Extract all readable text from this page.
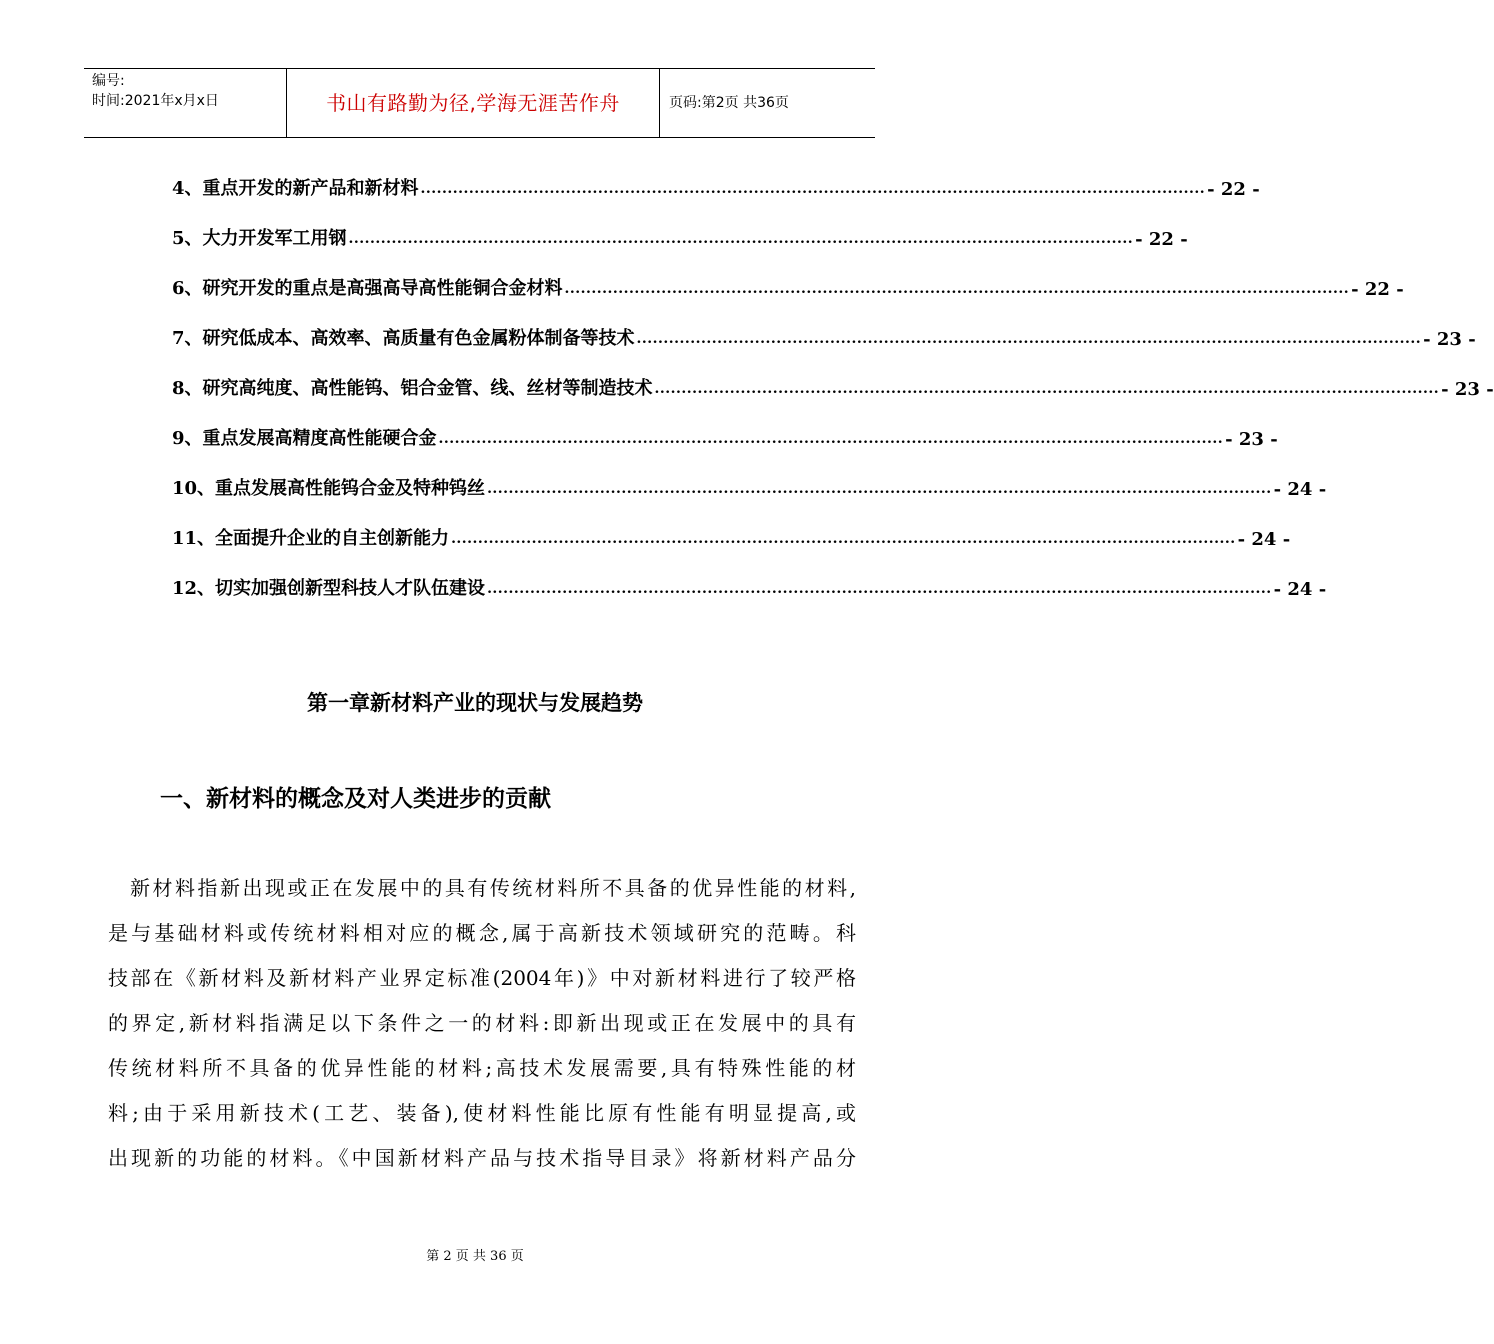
编号:
时间:2021年x月x日	书山有路勤为径,学海无涯苦作舟	页码:第2页 共36页
4、重点开发的新产品和新材料 .................................................................................................................................................. - 22 -
5、大力开发军工用钢 .................................................................................................................................................. - 22 -
6、研究开发的重点是高强高导高性能铜合金材料 .................................................................................................................................................. - 22 -
7、研究低成本、高效率、高质量有色金属粉体制备等技术 .................................................................................................................................................. - 23 -
8、研究高纯度、高性能钨、铝合金管、线、丝材等制造技术 .................................................................................................................................................. - 23 -
9、重点发展高精度高性能硬合金 .................................................................................................................................................. - 23 -
10、重点发展高性能钨合金及特种钨丝 .................................................................................................................................................. - 24 -
11、全面提升企业的自主创新能力 .................................................................................................................................................. - 24 -
12、切实加强创新型科技人才队伍建设 .................................................................................................................................................. - 24 -
第一章新材料产业的现状与发展趋势
一、新材料的概念及对人类进步的贡献
新材料指新出现或正在发展中的具有传统材料所不具备的优异性能的材料,
是与基础材料或传统材料相对应的概念,属于高新技术领域研究的范畴。科
技部在《新材料及新材料产业界定标准(2004年)》中对新材料进行了较严格
的界定,新材料指满足以下条件之一的材料:即新出现或正在发展中的具有
传统材料所不具备的优异性能的材料;高技术发展需要,具有特殊性能的材
料;由于采用新技术(工艺、装备),使材料性能比原有性能有明显提高,或
出现新的功能的材料。《中国新材料产品与技术指导目录》将新材料产品分
第 2 页 共 36 页
